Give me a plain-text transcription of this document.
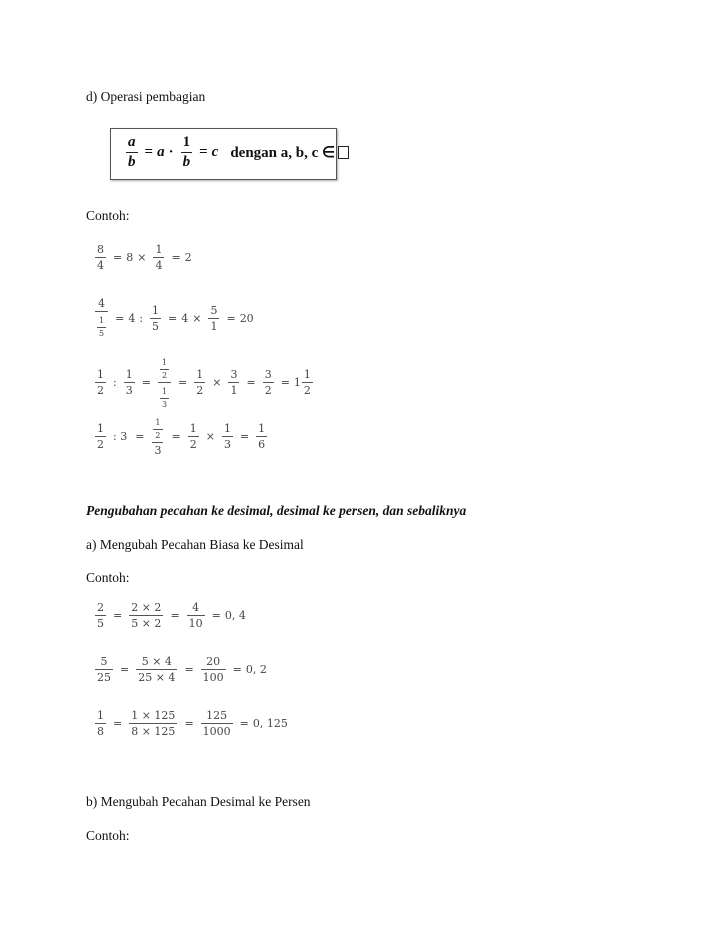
d) Operasi pembagian
$\frac{a}{b} = a \cdot \frac{1}{b} = c$ dengan a, b, c ∈
Contoh:
$\frac{8}{4} = 8 \times \frac{1}{4} = 2$
$\frac{4}{\frac{1}{5}} = 4$ : $\frac{1}{5} = 4 \times \frac{5}{1} = 20$
$\frac{1}{2}$ : $\frac{1}{3} = \frac{\frac{1}{2}}{\frac{1}{3}} = \frac{1}{2} \times \frac{3}{1} = \frac{3}{2} = 1 \frac{1}{2}$
$\frac{1}{2}$ : $3 = \frac{\frac{1}{2}}{3} = \frac{1}{2} \times \frac{1}{3} = \frac{1}{6}$
Pengubahan pecahan ke desimal, desimal ke persen, dan sebaliknya
a) Mengubah Pecahan Biasa ke Desimal
Contoh:
$\frac{2}{5} = \frac{2 \times 2}{5 \times 2} = \frac{4}{10} = 0$, 4
$\frac{5}{25} = \frac{5 \times 4}{25 \times 4} = \frac{20}{100} = 0$, 2
$\frac{1}{8} = \frac{1 \times 125}{8 \times 125} = \frac{125}{1000} = 0$, 125
b) Mengubah Pecahan Desimal ke Persen
Contoh:
